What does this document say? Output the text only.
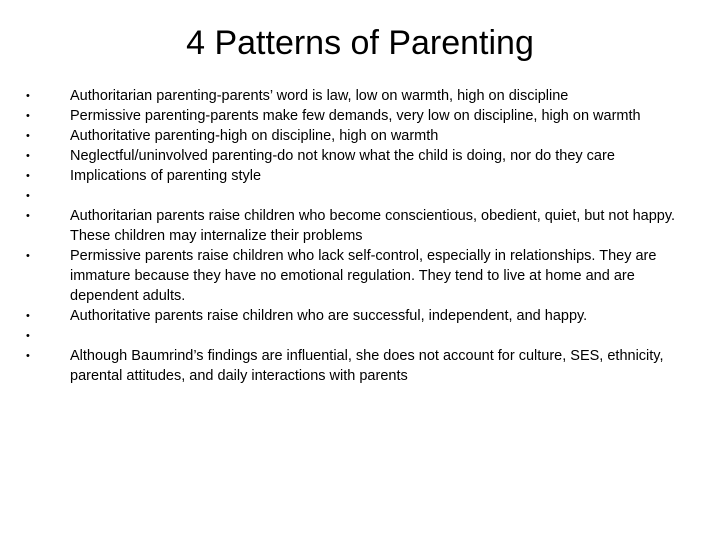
4 Patterns of Parenting
•	Authoritarian parenting-parents’ word is law, low on warmth, high on discipline
•	Permissive parenting-parents make few demands, very low on discipline, high on warmth
•	Authoritative parenting-high on discipline, high on warmth
•	Neglectful/uninvolved parenting-do not know what the child is doing, nor do they care
•	Implications of parenting style
•
•	Authoritarian parents raise children who become conscientious, obedient, quiet, but not happy. These children may internalize their problems
•	Permissive parents raise children who lack self-control, especially in relationships. They are immature because they have no emotional regulation. They tend to live at home and are dependent adults.
•	Authoritative parents raise children who are successful, independent, and happy.
•
•	Although Baumrind’s findings are influential, she does not account for culture, SES, ethnicity, parental attitudes, and daily interactions with parents
